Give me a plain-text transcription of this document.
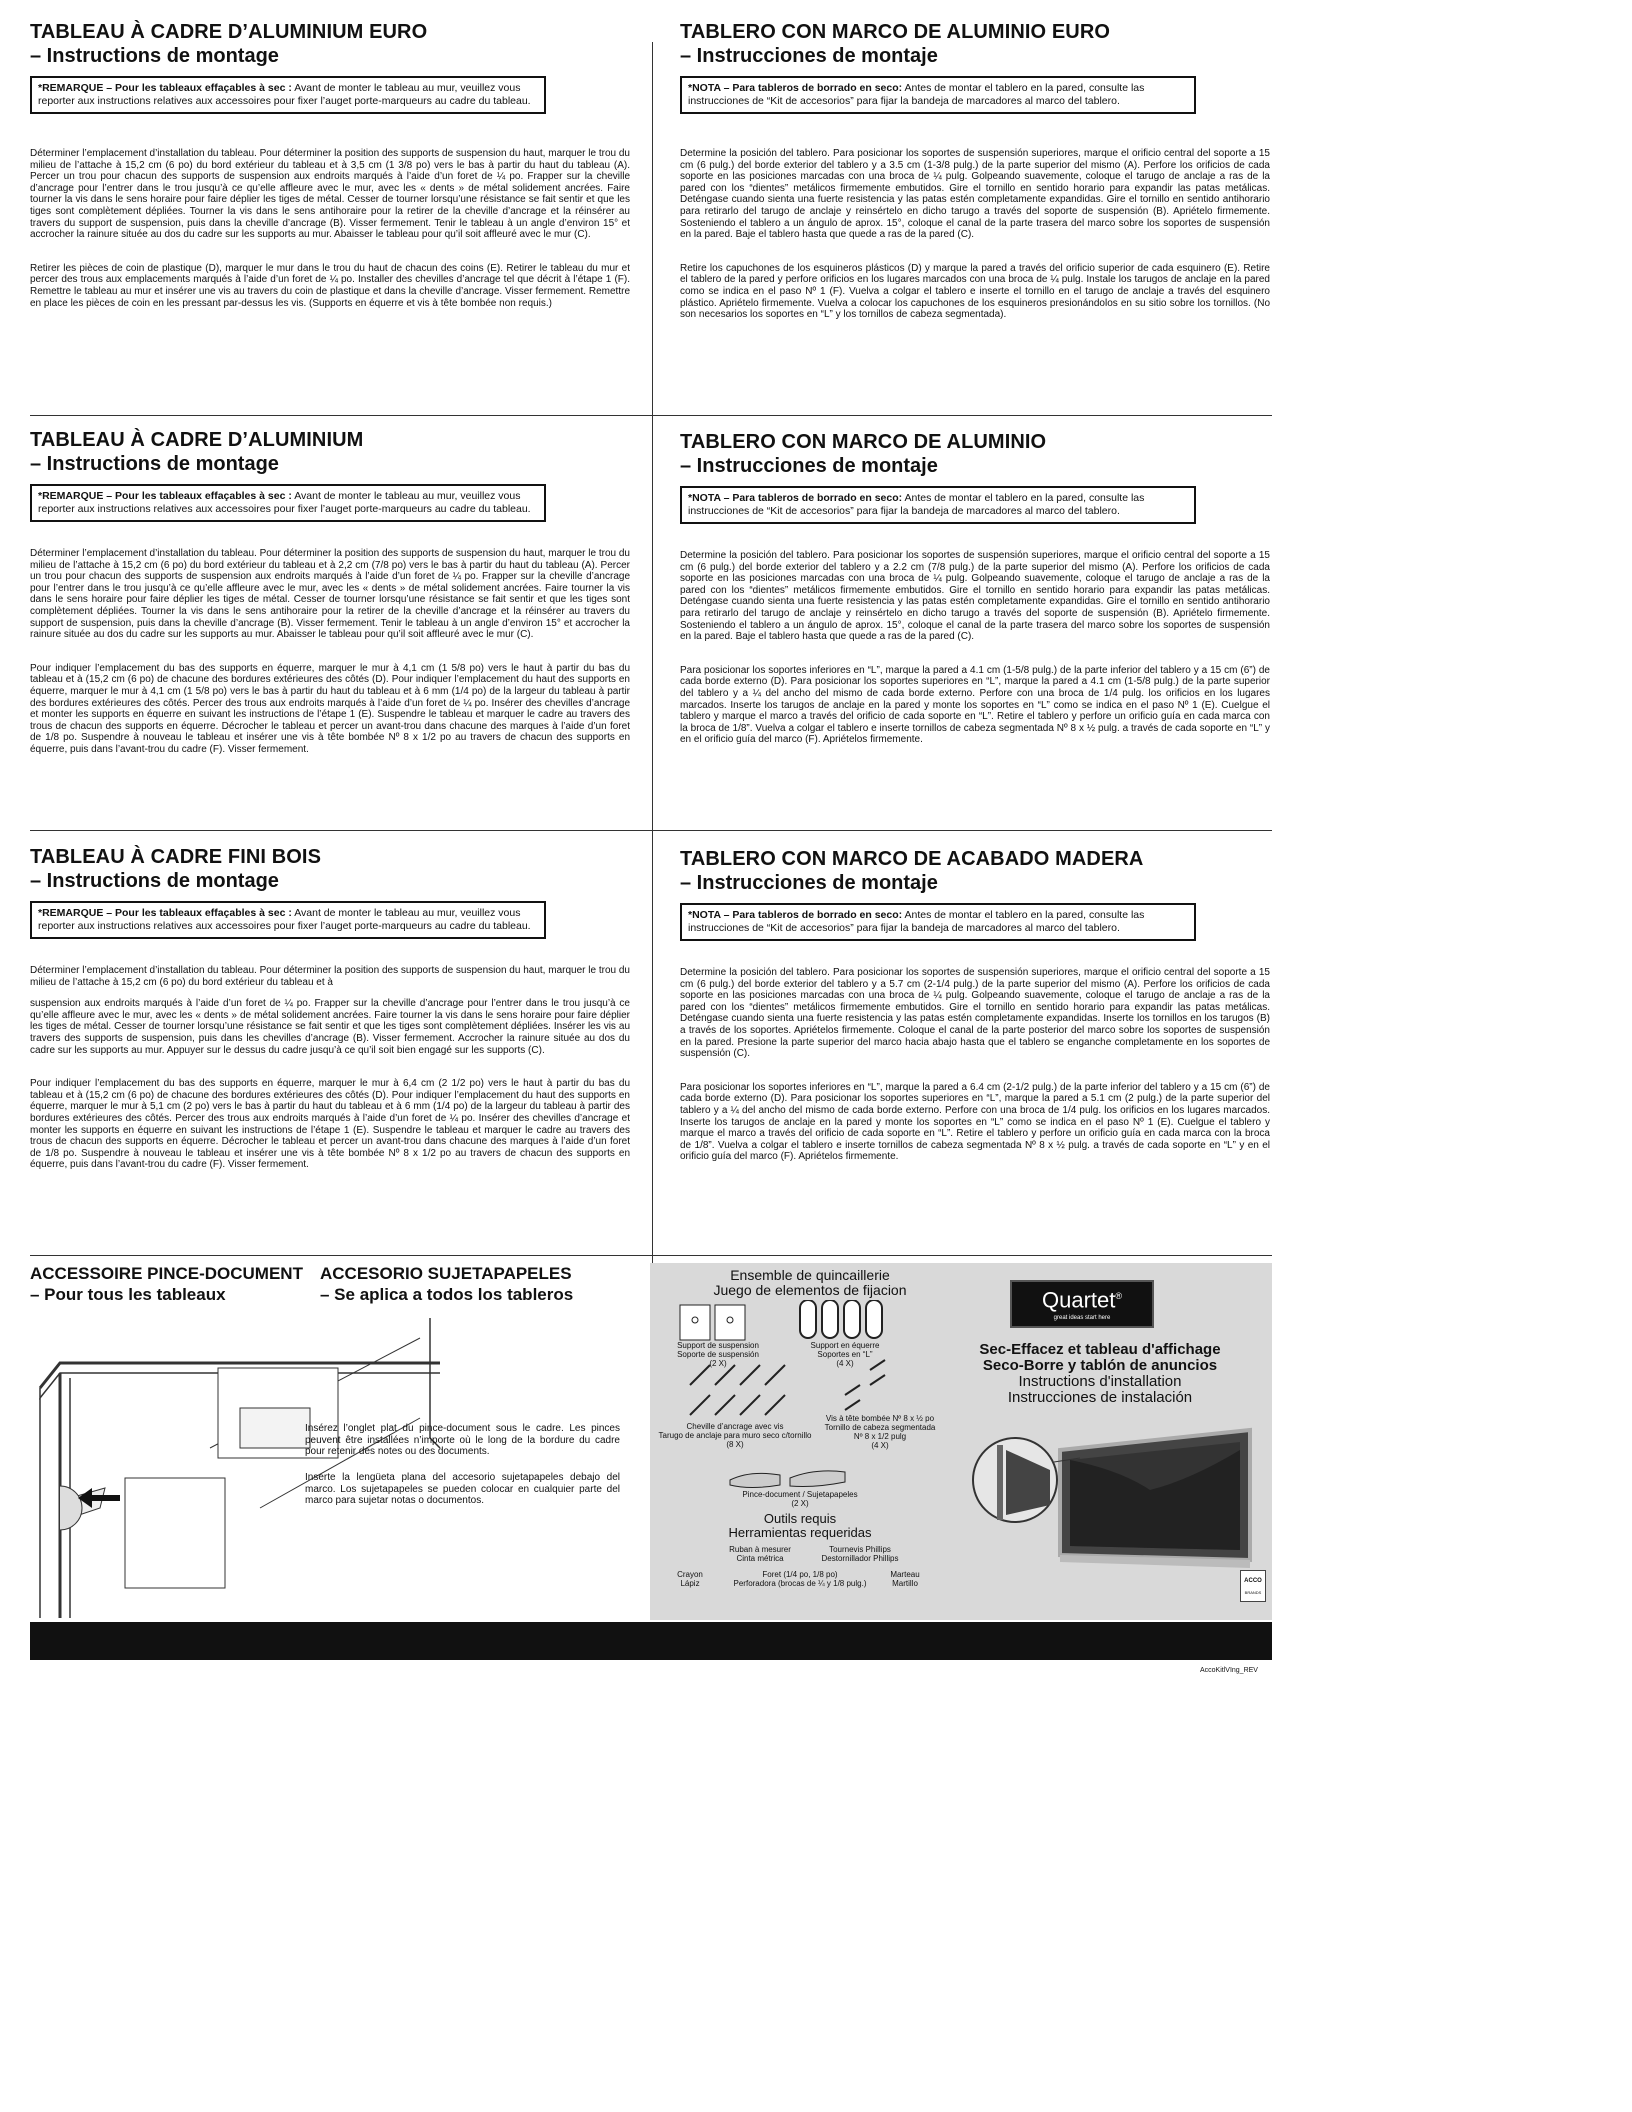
TABLEAU À CADRE D’ALUMINIUM EURO
– Instructions de montage
*REMARQUE – Pour les tableaux effaçables à sec : Avant de monter le tableau au mur, veuillez vous reporter aux instructions relatives aux accessoires pour fixer l’auget porte-marqueurs au cadre du tableau.
Déterminer l’emplacement d’installation du tableau. Pour déterminer la position des supports de suspension du haut, marquer le trou du milieu de l’attache à 15,2 cm (6 po) du bord extérieur du tableau et à 3,5 cm (1 3/8 po) vers le bas à partir du haut du tableau (A). Percer un trou pour chacun des supports de suspension aux endroits marqués à l’aide d’un foret de ¼ po. Frapper sur la cheville d’ancrage pour l’entrer dans le trou jusqu’à ce qu’elle affleure avec le mur, avec les « dents » de métal solidement ancrées. Faire tourner la vis dans le sens horaire pour faire déplier les tiges de métal. Cesser de tourner lorsqu’une résistance se fait sentir et que les tiges sont complètement dépliées. Tourner la vis dans le sens antihoraire pour la retirer de la cheville d’ancrage et la réinsérer au travers du support de suspension, puis dans la cheville d’ancrage (B). Visser fermement. Tenir le tableau à un angle d’environ 15° et accrocher la rainure située au dos du cadre sur les supports au mur. Abaisser le tableau pour qu’il soit affleuré avec le mur (C).
Retirer les pièces de coin de plastique (D), marquer le mur dans le trou du haut de chacun des coins (E). Retirer le tableau du mur et percer des trous aux emplacements marqués à l’aide d’un foret de ¼ po. Installer des chevilles d’ancrage tel que décrit à l’étape 1 (F). Remettre le tableau au mur et insérer une vis au travers du coin de plastique et dans la cheville d’ancrage. Visser fermement. Remettre en place les pièces de coin en les pressant par-dessus les vis. (Supports en équerre et vis à tête bombée non requis.)
TABLERO CON MARCO DE ALUMINIO EURO
– Instrucciones de montaje
*NOTA – Para tableros de borrado en seco: Antes de montar el tablero en la pared, consulte las instrucciones de “Kit de accesorios” para fijar la bandeja de marcadores al marco del tablero.
Determine la posición del tablero. Para posicionar los soportes de suspensión superiores, marque el orificio central del soporte a 15 cm (6 pulg.) del borde exterior del tablero y a 3.5 cm (1-3/8 pulg.) de la parte superior del mismo (A). Perfore los orificios de cada soporte en las posiciones marcadas con una broca de ¼ pulg. Golpeando suavemente, coloque el tarugo de anclaje a ras de la pared con los “dientes” metálicos firmemente embutidos. Gire el tornillo en sentido horario para expandir las patas metálicas. Deténgase cuando sienta una fuerte resistencia y las patas estén completamente expandidas. Gire el tornillo en sentido antihorario para retirarlo del tarugo de anclaje y reinsértelo en dicho tarugo a través del soporte de suspensión (B). Apriételo firmemente. Sosteniendo el tablero a un ángulo de aprox. 15°, coloque el canal de la parte trasera del marco sobre los soportes de suspensión en la pared. Baje el tablero hasta que quede a ras de la pared (C).
Retire los capuchones de los esquineros plásticos (D) y marque la pared a través del orificio superior de cada esquinero (E). Retire el tablero de la pared y perfore orificios en los lugares marcados con una broca de ¼ pulg. Instale los tarugos de anclaje en la pared como se indica en el paso Nº 1 (F). Vuelva a colgar el tablero e inserte el tornillo en el tarugo de anclaje a través del esquinero plástico. Apriételo firmemente. Vuelva a colocar los capuchones de los esquineros presionándolos en su sitio sobre los tornillos. (No son necesarios los soportes en “L” y los tornillos de cabeza segmentada).
TABLEAU À CADRE D’ALUMINIUM
– Instructions de montage
*REMARQUE – Pour les tableaux effaçables à sec : Avant de monter le tableau au mur, veuillez vous reporter aux instructions relatives aux accessoires pour fixer l’auget porte-marqueurs au cadre du tableau.
Déterminer l’emplacement d’installation du tableau. Pour déterminer la position des supports de suspension du haut, marquer le trou du milieu de l’attache à 15,2 cm (6 po) du bord extérieur du tableau et à 2,2 cm (7/8 po) vers le bas à partir du haut du tableau (A). Percer un trou pour chacun des supports de suspension aux endroits marqués à l’aide d’un foret de ¼ po. Frapper sur la cheville d’ancrage pour l’entrer dans le trou jusqu’à ce qu’elle affleure avec le mur, avec les « dents » de métal solidement ancrées. Faire tourner la vis dans le sens horaire pour faire déplier les tiges de métal. Cesser de tourner lorsqu’une résistance se fait sentir et que les tiges sont complètement dépliées. Tourner la vis dans le sens antihoraire pour la retirer de la cheville d’ancrage et la réinsérer au travers du support de suspension, puis dans la cheville d’ancrage (B). Visser fermement. Tenir le tableau à un angle d’environ 15° et accrocher la rainure située au dos du cadre sur les supports au mur. Abaisser le tableau pour qu’il soit affleuré avec le mur (C).
Pour indiquer l’emplacement du bas des supports en équerre, marquer le mur à 4,1 cm (1 5/8 po) vers le haut à partir du bas du tableau et à (15,2 cm (6 po) de chacune des bordures extérieures des côtés (D). Pour indiquer l’emplacement du haut des supports en équerre, marquer le mur à 4,1 cm (1 5/8 po) vers le bas à partir du haut du tableau et à 6 mm (1/4 po) de la largeur du tableau à partir des bordures extérieures des côtés. Percer des trous aux endroits marqués à l’aide d’un foret de ¼ po. Insérer des chevilles d’ancrage et monter les supports en équerre en suivant les instructions de l’étape 1 (E). Suspendre le tableau et marquer le cadre au travers des trous de chacun des supports en équerre. Décrocher le tableau et percer un avant-trou dans chacune des marques à l’aide d’un foret de 1/8 po. Suspendre à nouveau le tableau et insérer une vis à tête bombée Nº 8 x 1/2 po au travers de chacun des supports en équerre, puis dans l’avant-trou du cadre (F). Visser fermement.
TABLERO CON MARCO DE ALUMINIO
– Instrucciones de montaje
*NOTA – Para tableros de borrado en seco: Antes de montar el tablero en la pared, consulte las instrucciones de “Kit de accesorios” para fijar la bandeja de marcadores al marco del tablero.
Determine la posición del tablero. Para posicionar los soportes de suspensión superiores, marque el orificio central del soporte a 15 cm (6 pulg.) del borde exterior del tablero y a 2.2 cm (7/8 pulg.) de la parte superior del mismo (A). Perfore los orificios de cada soporte en las posiciones marcadas con una broca de ¼ pulg. Golpeando suavemente, coloque el tarugo de anclaje a ras de la pared con los “dientes” metálicos firmemente embutidos. Gire el tornillo en sentido horario para expandir las patas metálicas. Deténgase cuando sienta una fuerte resistencia y las patas estén completamente expandidas. Gire el tornillo en sentido antihorario para retirarlo del tarugo de anclaje y reinsértelo en dicho tarugo a través del soporte de suspensión (B). Apriételo firmemente. Sosteniendo el tablero a un ángulo de aprox. 15°, coloque el canal de la parte trasera del marco sobre los soportes de suspensión en la pared. Baje el tablero hasta que quede a ras de la pared (C).
Para posicionar los soportes inferiores en “L”, marque la pared a 4.1 cm (1-5/8 pulg.) de la parte inferior del tablero y a 15 cm (6”) de cada borde externo (D). Para posicionar los soportes superiores en “L”, marque la pared a 4.1 cm (1-5/8 pulg.) de la parte superior del tablero y a ¼ del ancho del mismo de cada borde externo. Perfore con una broca de 1/4 pulg. los orificios en los lugares marcados. Inserte los tarugos de anclaje en la pared y monte los soportes en “L” como se indica en el paso Nº 1 (E). Cuelgue el tablero y marque el marco a través del orificio de cada soporte en “L”. Retire el tablero y perfore un orificio guía en cada marca con la broca de 1/8”. Vuelva a colgar el tablero e inserte tornillos de cabeza segmentada Nº 8 x ½ pulg. a través de cada soporte en “L” y en el orificio guía del marco (F). Apriételos firmemente.
TABLEAU À CADRE FINI BOIS
– Instructions de montage
*REMARQUE – Pour les tableaux effaçables à sec : Avant de monter le tableau au mur, veuillez vous reporter aux instructions relatives aux accessoires pour fixer l’auget porte-marqueurs au cadre du tableau.
Déterminer l’emplacement d’installation du tableau. Pour déterminer la position des supports de suspension du haut, marquer le trou du milieu de l’attache à 15,2 cm (6 po) du bord extérieur du tableau et à
suspension aux endroits marqués à l’aide d’un foret de ¼ po. Frapper sur la cheville d’ancrage pour l’entrer dans le trou jusqu’à ce qu’elle affleure avec le mur, avec les « dents » de métal solidement ancrées. Faire tourner la vis dans le sens horaire pour faire déplier les tiges de métal. Cesser de tourner lorsqu’une résistance se fait sentir et que les tiges sont complètement dépliées. Insérer les vis au travers des supports de suspension, puis dans les chevilles d’ancrage (B). Visser fermement. Accrocher la rainure située au dos du cadre sur les supports au mur. Appuyer sur le dessus du cadre jusqu’à ce qu’il soit bien engagé sur les supports (C).
Pour indiquer l’emplacement du bas des supports en équerre, marquer le mur à 6,4 cm (2 1/2 po) vers le haut à partir du bas du tableau et à (15,2 cm (6 po) de chacune des bordures extérieures des côtés (D). Pour indiquer l’emplacement du haut des supports en équerre, marquer le mur à 5,1 cm (2 po) vers le bas à partir du haut du tableau et à 6 mm (1/4 po) de la largeur du tableau à partir des bordures extérieures des côtés. Percer des trous aux endroits marqués à l’aide d’un foret de ¼ po. Insérer des chevilles d’ancrage et monter les supports en équerre en suivant les instructions de l’étape 1 (E). Suspendre le tableau et marquer le cadre au travers des trous de chacun des supports en équerre. Décrocher le tableau et percer un avant-trou dans chacune des marques à l’aide d’un foret de 1/8 po. Suspendre à nouveau le tableau et insérer une vis à tête bombée Nº 8 x 1/2 po au travers de chacun des supports en équerre, puis dans l’avant-trou du cadre (F). Visser fermement.
TABLERO CON MARCO DE ACABADO MADERA
– Instrucciones de montaje
*NOTA – Para tableros de borrado en seco: Antes de montar el tablero en la pared, consulte las instrucciones de “Kit de accesorios” para fijar la bandeja de marcadores al marco del tablero.
Determine la posición del tablero. Para posicionar los soportes de suspensión superiores, marque el orificio central del soporte a 15 cm (6 pulg.) del borde exterior del tablero y a 5.7 cm (2-1/4 pulg.) de la parte superior del mismo (A). Perfore los orificios de cada soporte en las posiciones marcadas con una broca de ¼ pulg. Golpeando suavemente, coloque el tarugo de anclaje a ras de la pared con los “dientes” metálicos firmemente embutidos. Gire el tornillo en sentido horario para expandir las patas metálicas. Deténgase cuando sienta una fuerte resistencia y las patas estén completamente expandidas. Inserte los tornillos en los tarugos (B) a través de los soportes. Apriételos firmemente. Coloque el canal de la parte posterior del marco sobre los soportes de suspensión en la pared. Presione la parte superior del marco hacia abajo hasta que el tablero se enganche completamente en los soportes de suspensión (C).
Para posicionar los soportes inferiores en “L”, marque la pared a 6.4 cm (2-1/2 pulg.) de la parte inferior del tablero y a 15 cm (6”) de cada borde externo (D). Para posicionar los soportes superiores en “L”, marque la pared a 5.1 cm (2 pulg.) de la parte superior del tablero y a ¼ del ancho del mismo de cada borde externo. Perfore con una broca de 1/4 pulg. los orificios en los lugares marcados. Inserte los tarugos de anclaje en la pared y monte los soportes en “L” como se indica en el paso Nº 1 (E). Cuelgue el tablero y marque el marco a través del orificio de cada soporte en “L”. Retire el tablero y perfore un orificio guía en cada marca con la broca de 1/8”. Vuelva a colgar el tablero e inserte tornillos de cabeza segmentada Nº 8 x ½ pulg. a través de cada soporte en “L” y en el orificio guía del marco (F). Apriételos firmemente.
ACCESSOIRE PINCE-DOCUMENT
– Pour tous les tableaux
ACCESORIO SUJETAPAPELES
– Se aplica a todos los tableros
Insérez l’onglet plat du pince-document sous le cadre. Les pinces peuvent être installées n’importe où le long de la bordure du cadre pour retenir des notes ou des documents.
Inserte la lengüeta plana del accesorio sujetapapeles debajo del marco. Los sujetapapeles se pueden colocar en cualquier parte del marco para sujetar notas o documentos.
Ensemble de quincaillerie
Juego de elementos de fijacion
Support de suspension
Soporte de suspensión
(2 X)
Support en équerre
Soportes en “L”
(4 X)
Cheville d’ancrage avec vis
Tarugo de anclaje para muro seco c/tornillo
(8 X)
Vis à tête bombée Nº 8 x ½ po
Tornillo de cabeza segmentada
Nº 8 x 1/2 pulg
(4 X)
Pince-document / Sujetapapeles
(2 X)
Outils requis
Herramientas requeridas
Ruban à mesurer
Cinta métrica
Tournevis Phillips
Destornillador Phillips
Crayon
Lápiz
Foret (1/4 po, 1/8 po)
Perforadora (brocas de ¼ y 1/8 pulg.)
Marteau
Martillo
Quartet®
great ideas start here
Sec-Effacez et tableau d'affichage
Seco-Borre y tablón de anuncios
Instructions d'installation
Instrucciones de instalación
ACCO
BRANDS
AccoKitlVIng_REV
